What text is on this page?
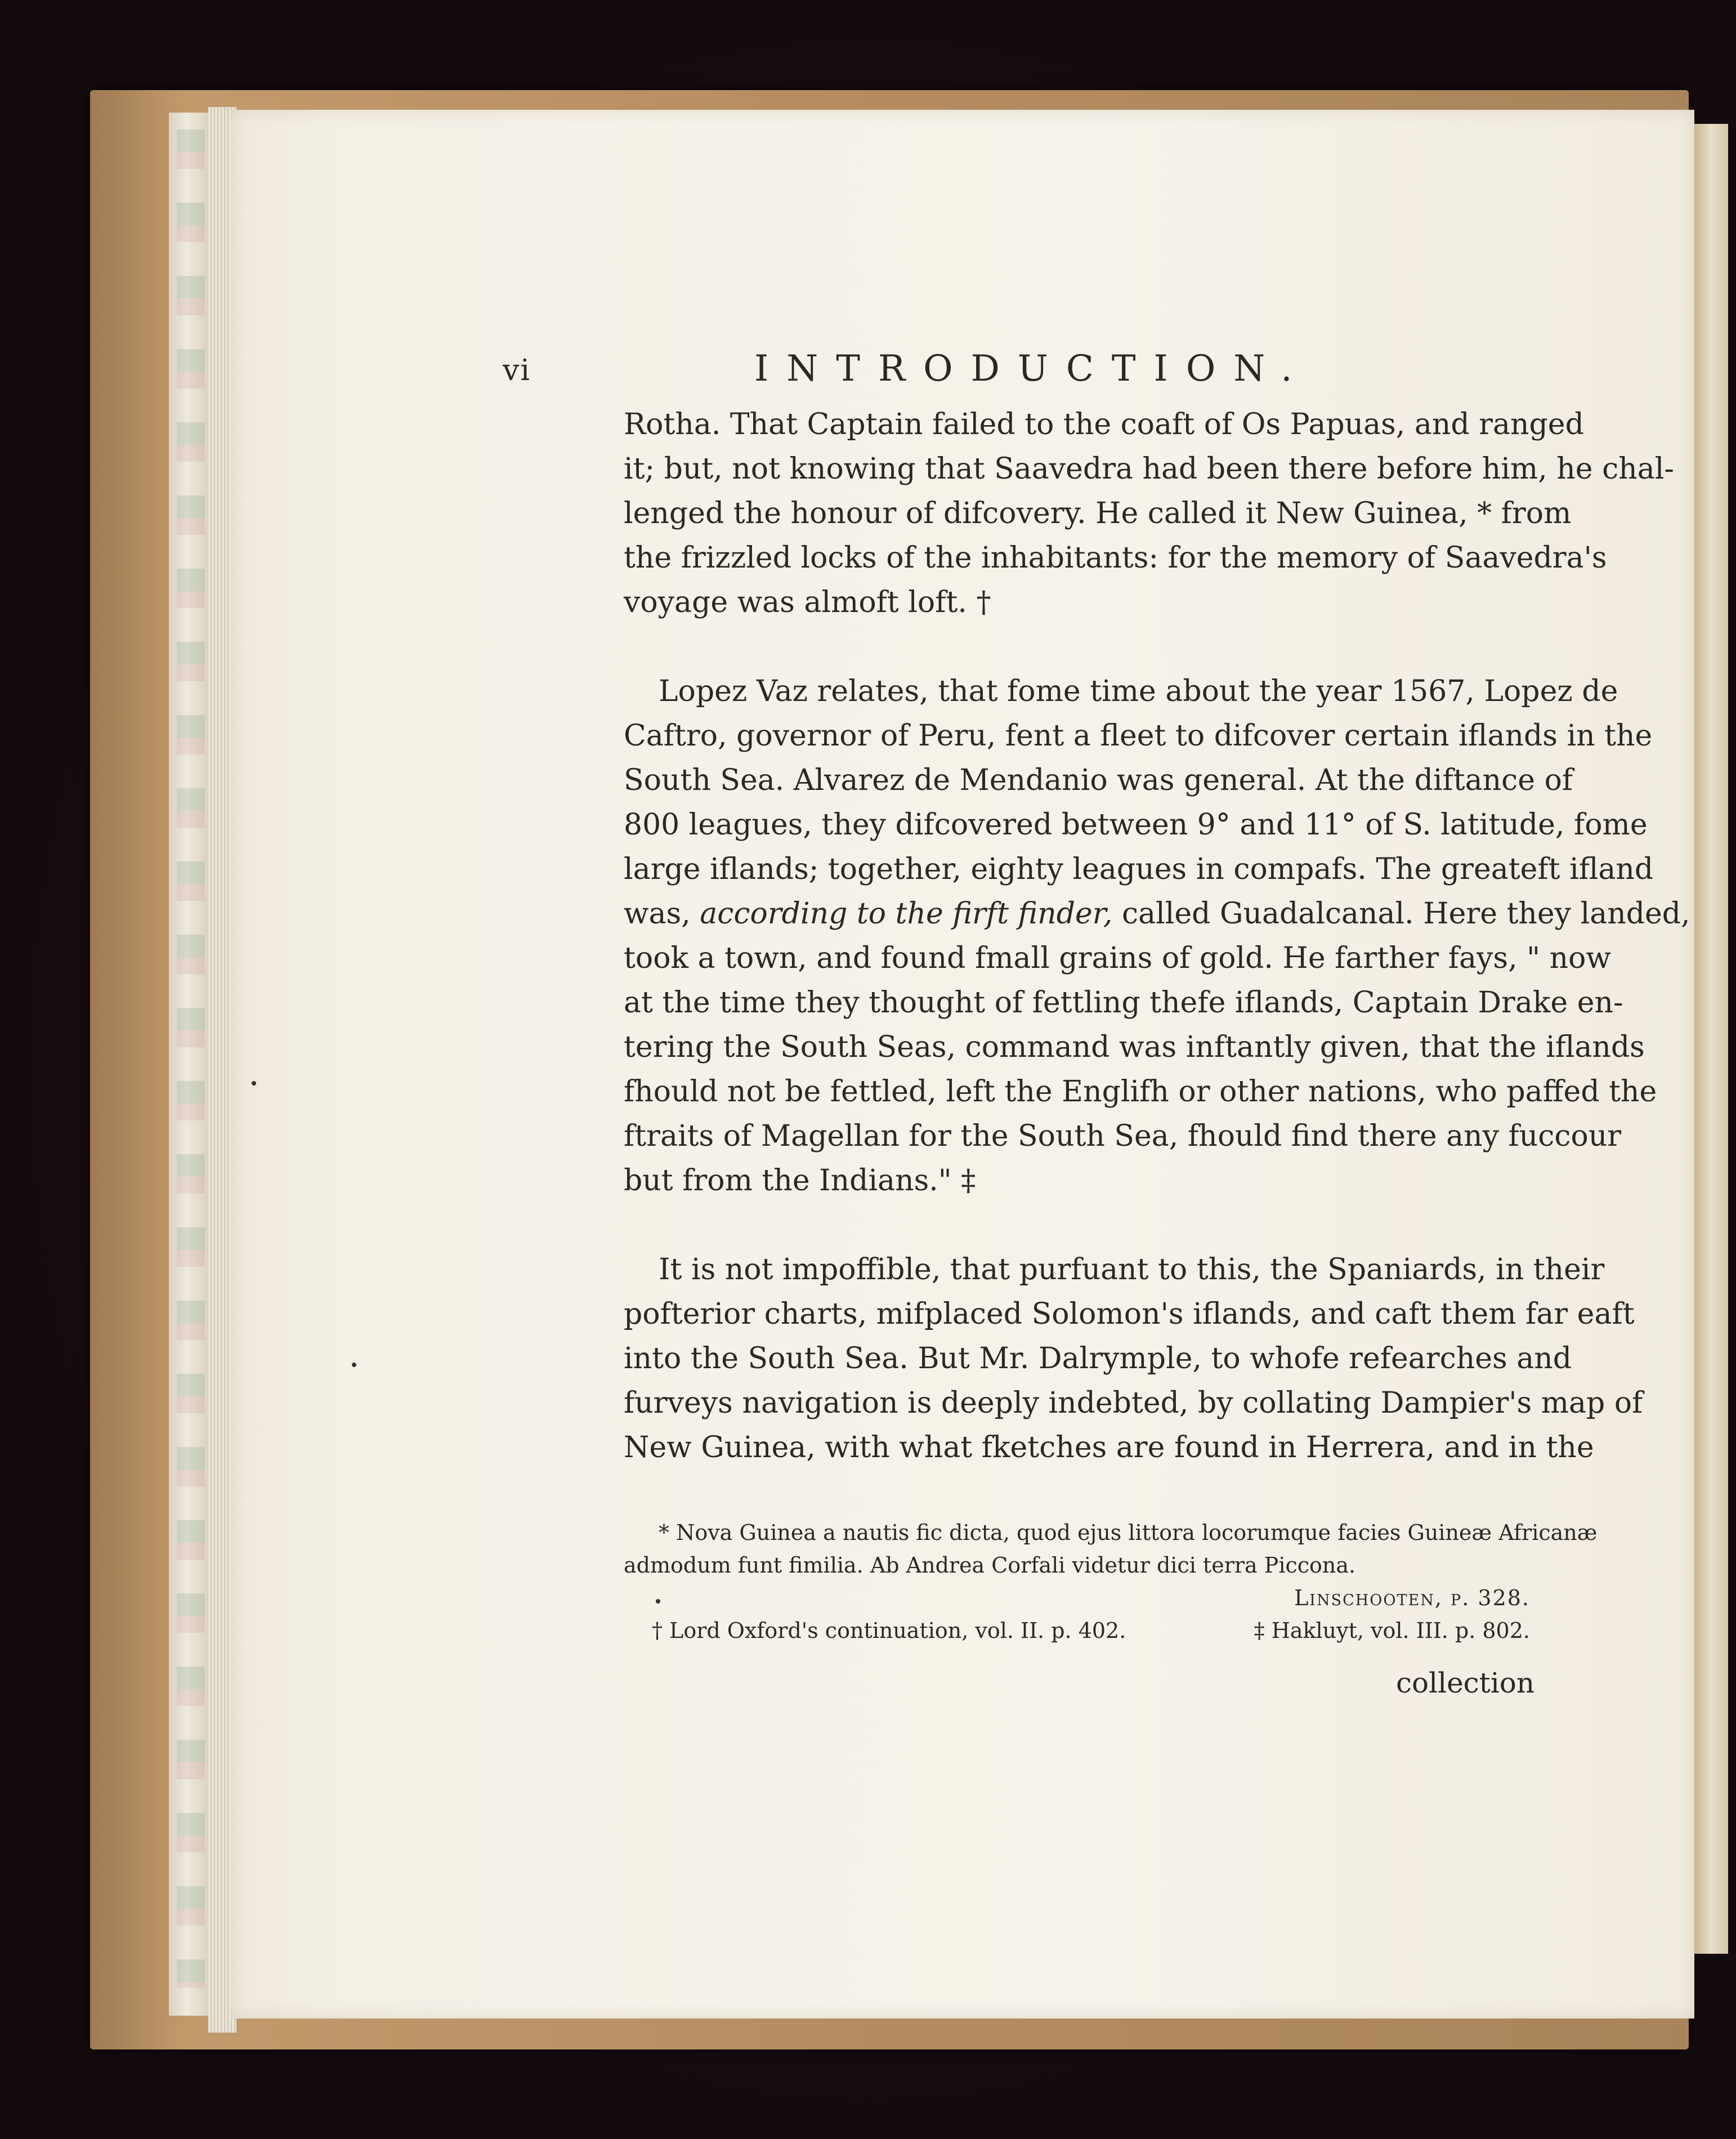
vi	INTRODUCTION.
Rotha. That Captain failed to the coaft of Os Papuas, and ranged
it; but, not knowing that Saavedra had been there before him, he chal-
lenged the honour of difcovery. He called it New Guinea, * from
the frizzled locks of the inhabitants: for the memory of Saavedra's
voyage was almoft loft. †
Lopez Vaz relates, that fome time about the year 1567, Lopez de
Caftro, governor of Peru, fent a fleet to difcover certain iflands in the
South Sea. Alvarez de Mendanio was general. At the diftance of
800 leagues, they difcovered between 9° and 11° of S. latitude, fome
large iflands; together, eighty leagues in compafs. The greateft ifland
was, according to the firft finder, called Guadalcanal. Here they landed,
took a town, and found fmall grains of gold. He farther fays, " now
at the time they thought of fettling thefe iflands, Captain Drake en-
tering the South Seas, command was inftantly given, that the iflands
fhould not be fettled, left the Englifh or other nations, who paffed the
ftraits of Magellan for the South Sea, fhould find there any fuccour
but from the Indians." ‡
It is not impoffible, that purfuant to this, the Spaniards, in their
pofterior charts, mifplaced Solomon's iflands, and caft them far eaft
into the South Sea. But Mr. Dalrymple, to whofe refearches and
furveys navigation is deeply indebted, by collating Dampier's map of
New Guinea, with what fketches are found in Herrera, and in the
* Nova Guinea a nautis fic dicta, quod ejus littora locorumque facies Guineæ Africanæ
admodum funt fimilia. Ab Andrea Corfali videtur dici terra Piccona.
Linschooten, p. 328.
† Lord Oxford's continuation, vol. II. p. 402.	‡ Hakluyt, vol. III. p. 802.
collection
